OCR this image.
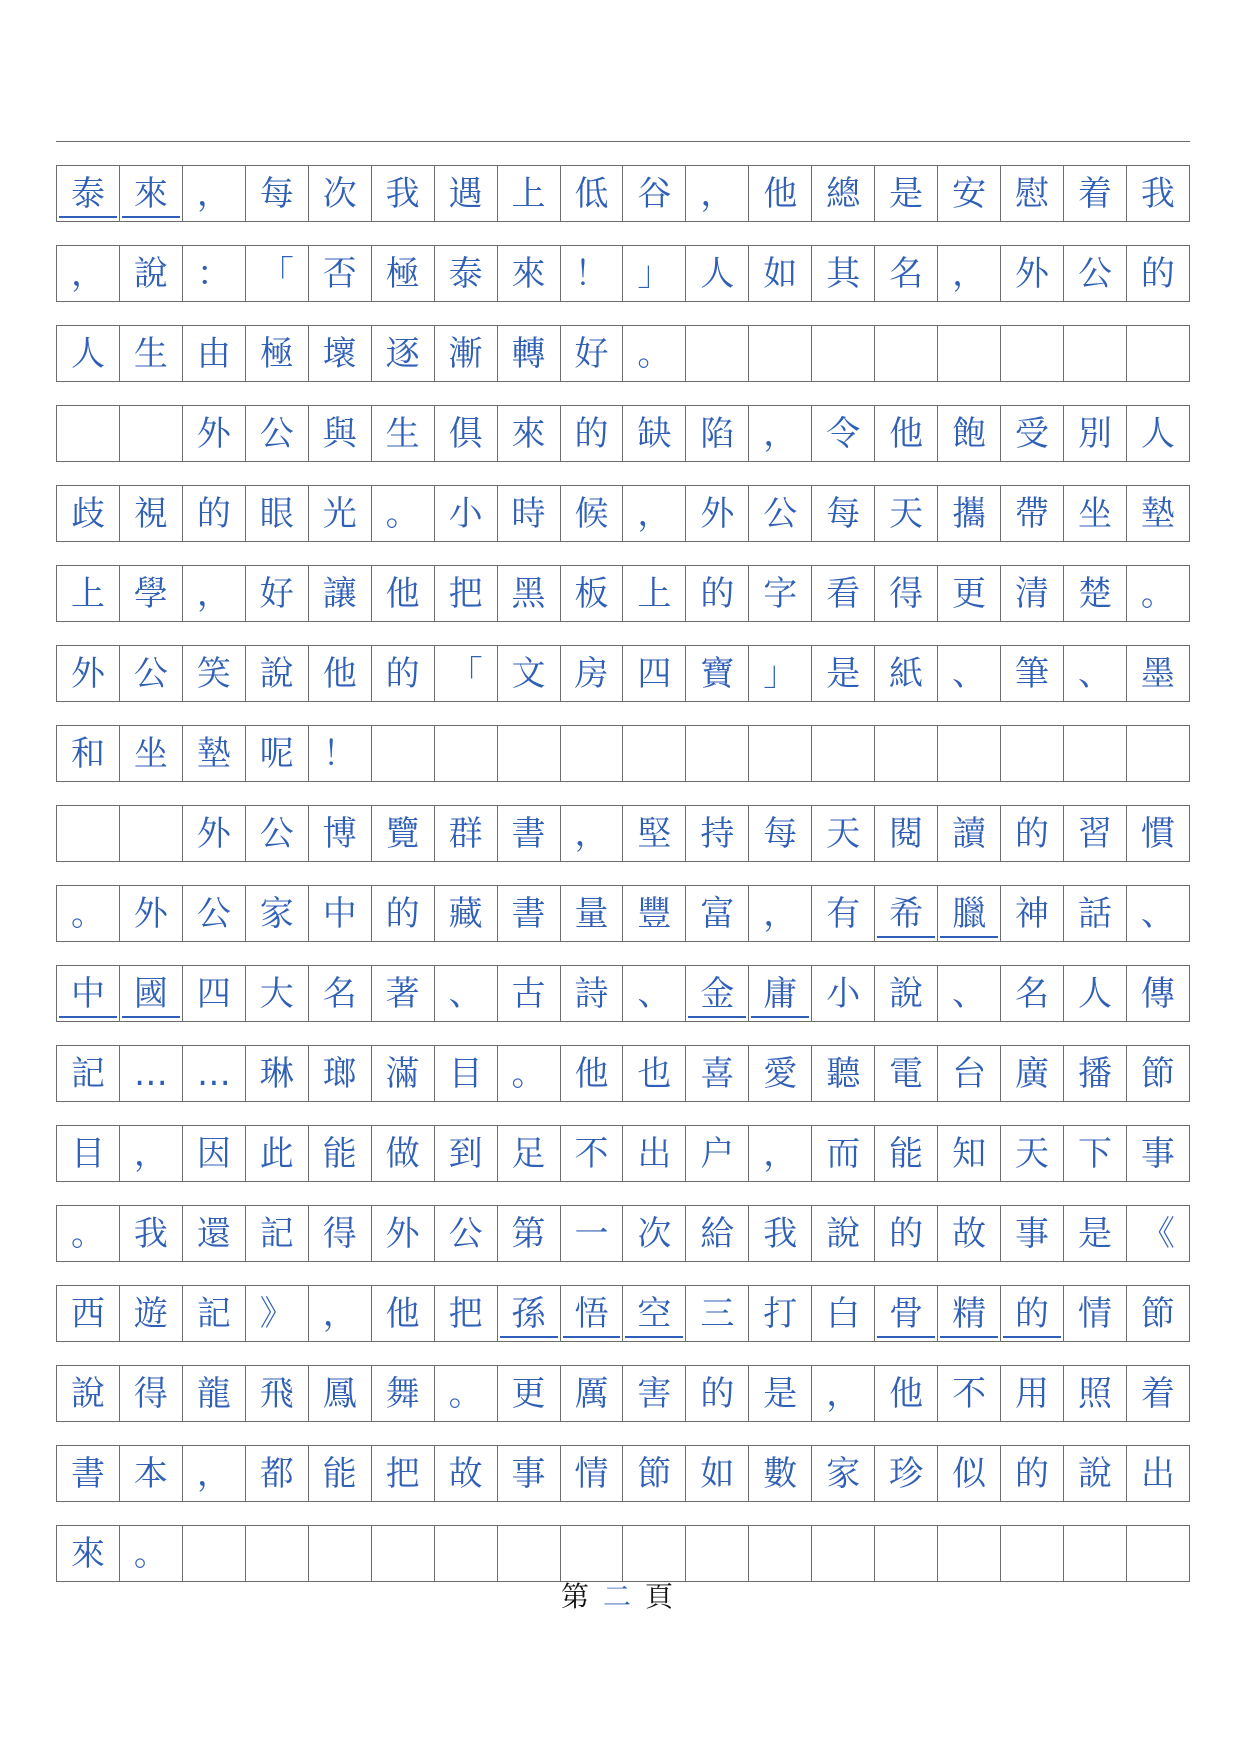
泰 來 ， 每 次 我 遇 上 低 谷 ， 他 總 是 安 慰 着 我
， 說 ： 「 否 極 泰 來 ！ 」 人 如 其 名 ， 外 公 的
人 生 由 極 壞 逐 漸 轉 好 。
外 公 與 生 俱 來 的 缺 陷 ， 令 他 飽 受 別 人
歧 視 的 眼 光 。 小 時 候 ， 外 公 每 天 攜 帶 坐 墊
上 學 ， 好 讓 他 把 黑 板 上 的 字 看 得 更 清 楚 。
外 公 笑 說 他 的 「 文 房 四 寶 」 是 紙 、 筆 、 墨
和 坐 墊 呢 ！
外 公 博 覽 群 書 ， 堅 持 每 天 閱 讀 的 習 慣
。 外 公 家 中 的 藏 書 量 豐 富 ， 有 希 臘 神 話 、
中 國 四 大 名 著 、 古 詩 、 金 庸 小 說 、 名 人 傳
記 … … 琳 瑯 滿 目 。 他 也 喜 愛 聽 電 台 廣 播 節
目 ， 因 此 能 做 到 足 不 出 户 ， 而 能 知 天 下 事
。 我 還 記 得 外 公 第 一 次 給 我 說 的 故 事 是 《
西 遊 記 》 ， 他 把 孫 悟 空 三 打 白 骨 精 的 情 節
說 得 龍 飛 鳳 舞 。 更 厲 害 的 是 ， 他 不 用 照 着
書 本 ， 都 能 把 故 事 情 節 如 數 家 珍 似 的 說 出
來 。
第 二 頁
